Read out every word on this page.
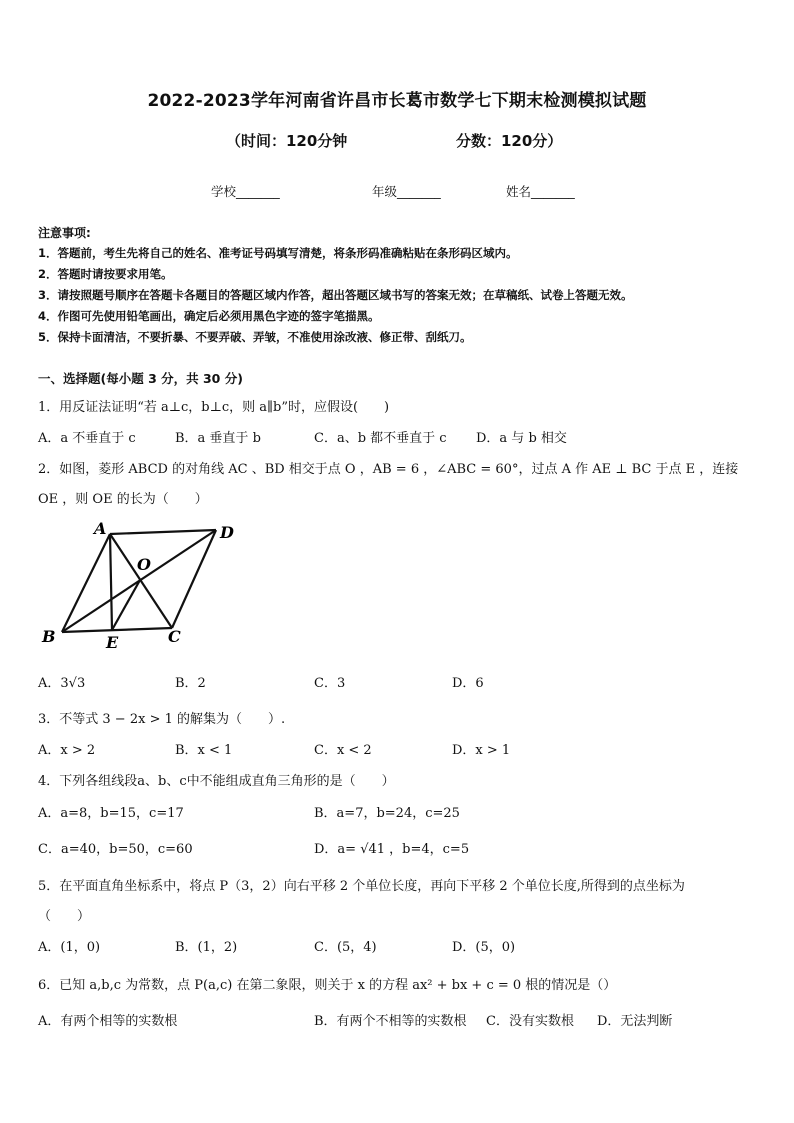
2022-2023学年河南省许昌市长葛市数学七下期末检测模拟试题
（时间：120分钟	分数：120分）
学校_______	年级_______	姓名_______
注意事项:
1．答题前，考生先将自己的姓名、准考证号码填写清楚，将条形码准确粘贴在条形码区域内。
2．答题时请按要求用笔。
3．请按照题号顺序在答题卡各题目的答题区域内作答，超出答题区域书写的答案无效；在草稿纸、试卷上答题无效。
4．作图可先使用铅笔画出，确定后必须用黑色字迹的签字笔描黑。
5．保持卡面清洁，不要折暴、不要弄破、弄皱，不准使用涂改液、修正带、刮纸刀。
一、选择题(每小题 3 分，共 30 分)
1．用反证法证明“若 a⊥c，b⊥c，则 a∥b”时，应假设(　　)
A．a 不垂直于 c	B．a 垂直于 b	C．a、b 都不垂直于 c D．a 与 b 相交
2．如图，菱形 ABCD 的对角线 AC 、BD 相交于点 O ，AB = 6 ，∠ABC = 60°，过点 A 作 AE ⊥ BC 于点 E ，连接
OE ，则 OE 的长为（　　）
A	D
O
B	E	C
A．3√3	B．2	C．3	D．6
3．不等式 3 − 2x > 1 的解集为（　　）.
A．x > 2	B．x < 1	C．x < 2	D．x > 1
4．下列各组线段a、b、c中不能组成直角三角形的是（　　）
A．a=8，b=15，c=17	B．a=7，b=24，c=25
C．a=40，b=50，c=60	D．a= √41 ，b=4，c=5
5．在平面直角坐标系中，将点 P（3，2）向右平移 2 个单位长度，再向下平移 2 个单位长度,所得到的点坐标为
（　　）
A．(1，0)	B．(1，2)	C．(5，4)	D．(5，0)
6．已知 a,b,c 为常数，点 P(a,c) 在第二象限，则关于 x 的方程 ax² + bx + c = 0 根的情况是（）
A．有两个相等的实数根	B．有两个不相等的实数根 C．没有实数根 D．无法判断
